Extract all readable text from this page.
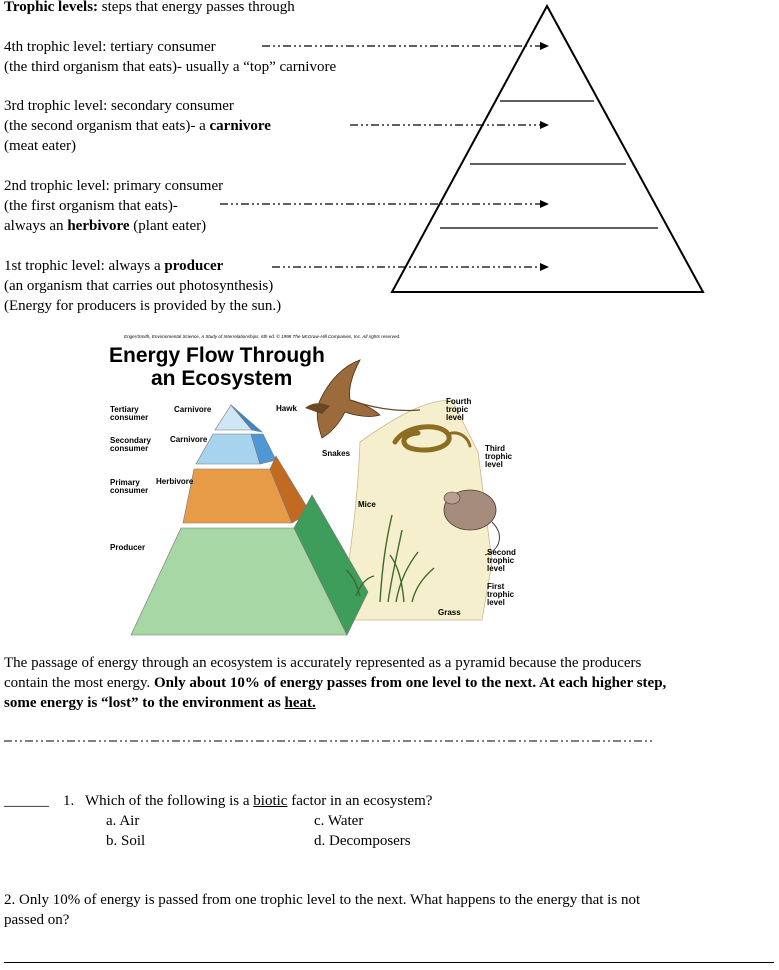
Trophic levels: steps that energy passes through
4th trophic level: tertiary consumer
(the third organism that eats)- usually a “top” carnivore
3rd trophic level: secondary consumer
(the second organism that eats)- a carnivore
(meat eater)
2nd trophic level: primary consumer
(the first organism that eats)-
always an herbivore (plant eater)
1st trophic level: always a producer
(an organism that carries out photosynthesis)
(Energy for producers is provided by the sun.)
Enger/Smith, Environmental Science, A Study of Interrelationships, 6th ed. © 1998 The McGraw-Hill Companies, Inc. All rights reserved.
Energy Flow Through
an Ecosystem
Tertiary
consumer
Carnivore
Secondary
consumer
Carnivore
Primary
consumer
Herbivore
Producer
Hawk
Snakes
Mice
Grass
Fourth
tropic
level
Third
trophic
level
Second
trophic
level
First
trophic
level
The passage of energy through an ecosystem is accurately represented as a pyramid because the producers
contain the most energy. Only about 10% of energy passes from one level to the next. At each higher step,
some energy is “lost” to the environment as heat.
______ 1. Which of the following is a biotic factor in an ecosystem?
a. Air
b. Soil
c. Water
d. Decomposers
2. Only 10% of energy is passed from one trophic level to the next. What happens to the energy that is not
passed on?
